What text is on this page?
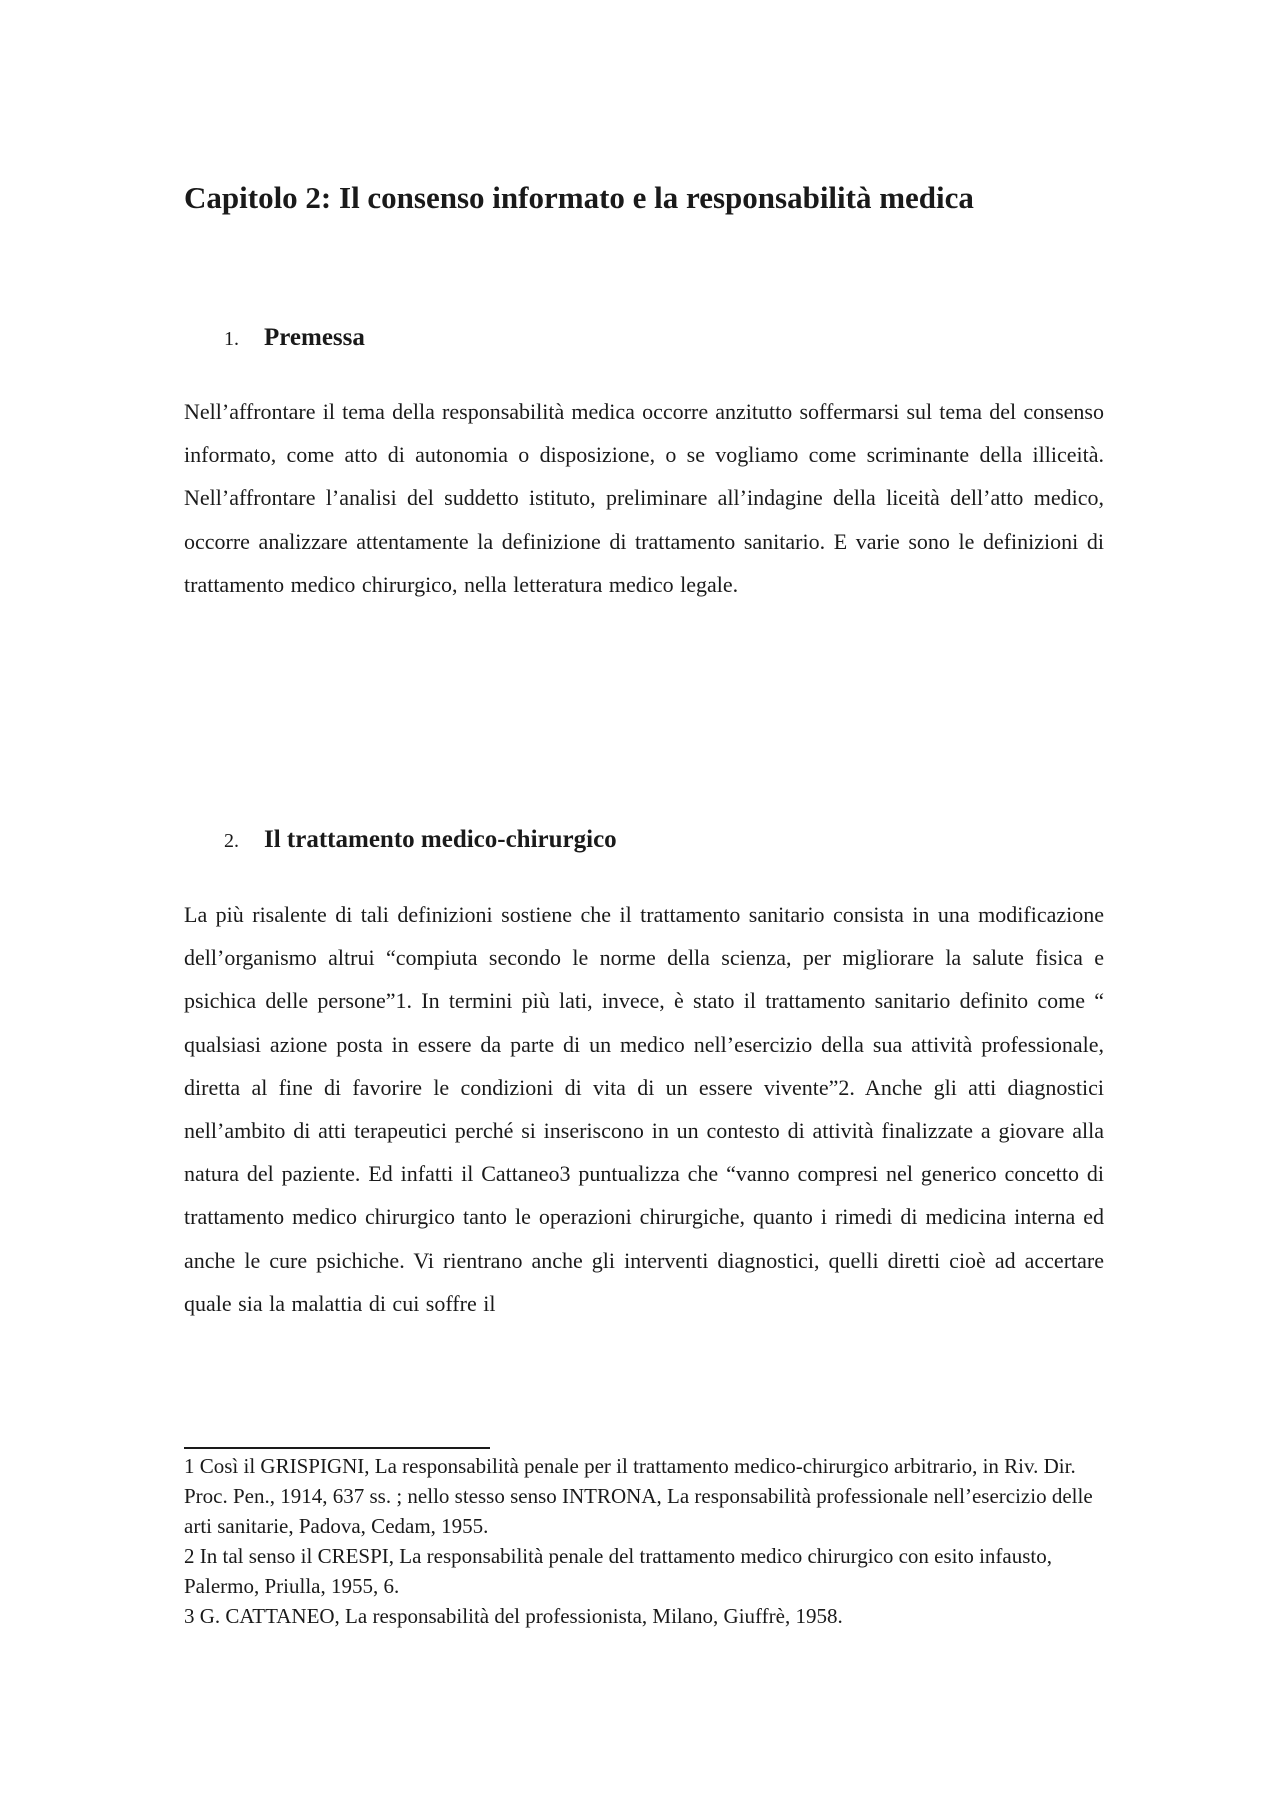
Capitolo 2: Il consenso informato e la responsabilità medica
1. Premessa

Nell’affrontare il tema della responsabilità medica occorre anzitutto soffermarsi sul tema del consenso informato, come atto di autonomia o disposizione, o se vogliamo come scriminante della illiceità. Nell’affrontare l’analisi del suddetto istituto, preliminare all’indagine della liceità dell’atto medico, occorre analizzare attentamente la definizione di trattamento sanitario. E varie sono le definizioni di trattamento medico chirurgico, nella letteratura medico legale.

2. Il trattamento medico-chirurgico

La più risalente di tali definizioni sostiene che il trattamento sanitario consista in una modificazione dell’organismo altrui “compiuta secondo le norme della scienza, per migliorare la salute fisica e psichica delle persone”1. In termini più lati, invece, è stato il trattamento sanitario definito come “ qualsiasi azione posta in essere da parte di un medico nell’esercizio della sua attività professionale, diretta al fine di favorire le condizioni di vita di un essere vivente”2. Anche gli atti diagnostici nell’ambito di atti terapeutici perché si inseriscono in un contesto di attività finalizzate a giovare alla natura del paziente. Ed infatti il Cattaneo3 puntualizza che “vanno compresi nel generico concetto di trattamento medico chirurgico tanto le operazioni chirurgiche, quanto i rimedi di medicina interna ed anche le cure psichiche. Vi rientrano anche gli interventi diagnostici, quelli diretti cioè ad accertare quale sia la malattia di cui soffre il

1 Così il GRISPIGNI, La responsabilità penale per il trattamento medico-chirurgico arbitrario, in Riv. Dir. Proc. Pen., 1914, 637 ss. ; nello stesso senso INTRONA, La responsabilità professionale nell’esercizio delle arti sanitarie, Padova, Cedam, 1955.

2 In tal senso il CRESPI, La responsabilità penale del trattamento medico chirurgico con esito infausto, Palermo, Priulla, 1955, 6.

3 G. CATTANEO, La responsabilità del professionista, Milano, Giuffrè, 1958.
